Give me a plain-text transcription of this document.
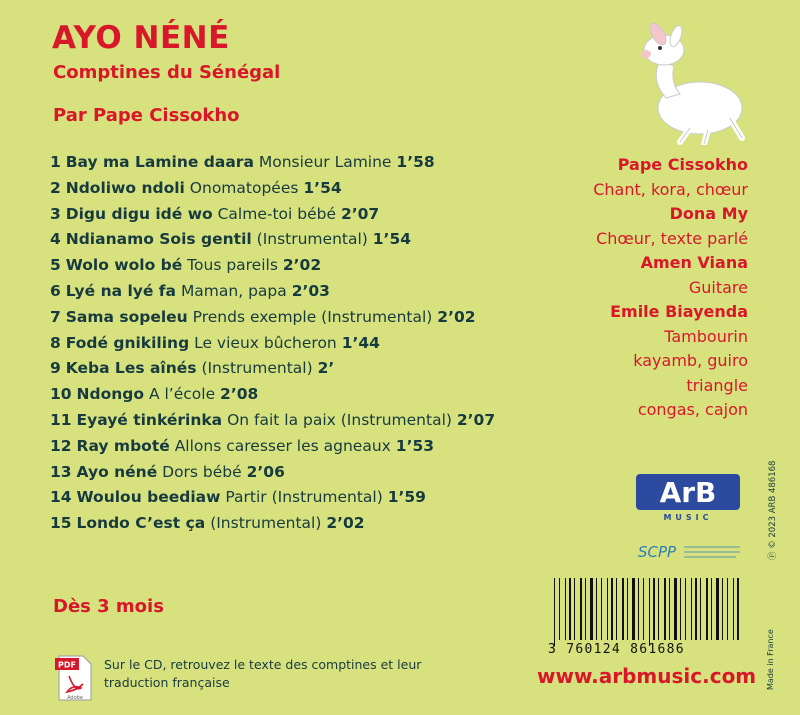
AYO NÉNÉ
Comptines du Sénégal
Par Pape Cissokho
1 Bay ma Lamine daara Monsieur Lamine 1’58
2 Ndoliwo ndoli Onomatopées 1’54
3 Digu digu idé wo Calme-toi bébé 2’07
4 Ndianamo Sois gentil (Instrumental) 1’54
5 Wolo wolo bé Tous pareils 2’02
6 Lyé na lyé fa Maman, papa 2’03
7 Sama sopeleu Prends exemple (Instrumental) 2’02
8 Fodé gnikiling Le vieux bûcheron 1’44
9 Keba Les aînés (Instrumental) 2’
10 Ndongo A l’école 2’08
11 Eyayé tinkérinka On fait la paix (Instrumental) 2’07
12 Ray mboté Allons caresser les agneaux 1’53
13 Ayo néné Dors bébé 2’06
14 Woulou beediaw Partir (Instrumental) 1’59
15 Londo C’est ça (Instrumental) 2’02
Pape Cissokho
Chant, kora, chœur
Dona My
Chœur, texte parlé
Amen Viana
Guitare
Emile Biayenda
Tambourin
kayamb, guiro
triangle
congas, cajon
ArB
MUSIC
SCPP	Ⓟ © 2023 ARB 486168
Made in France
3 760124 861686
Dès 3 mois
PDF
Adobe
Sur le CD, retrouvez le texte des comptines et leur traduction française	www.arbmusic.com
